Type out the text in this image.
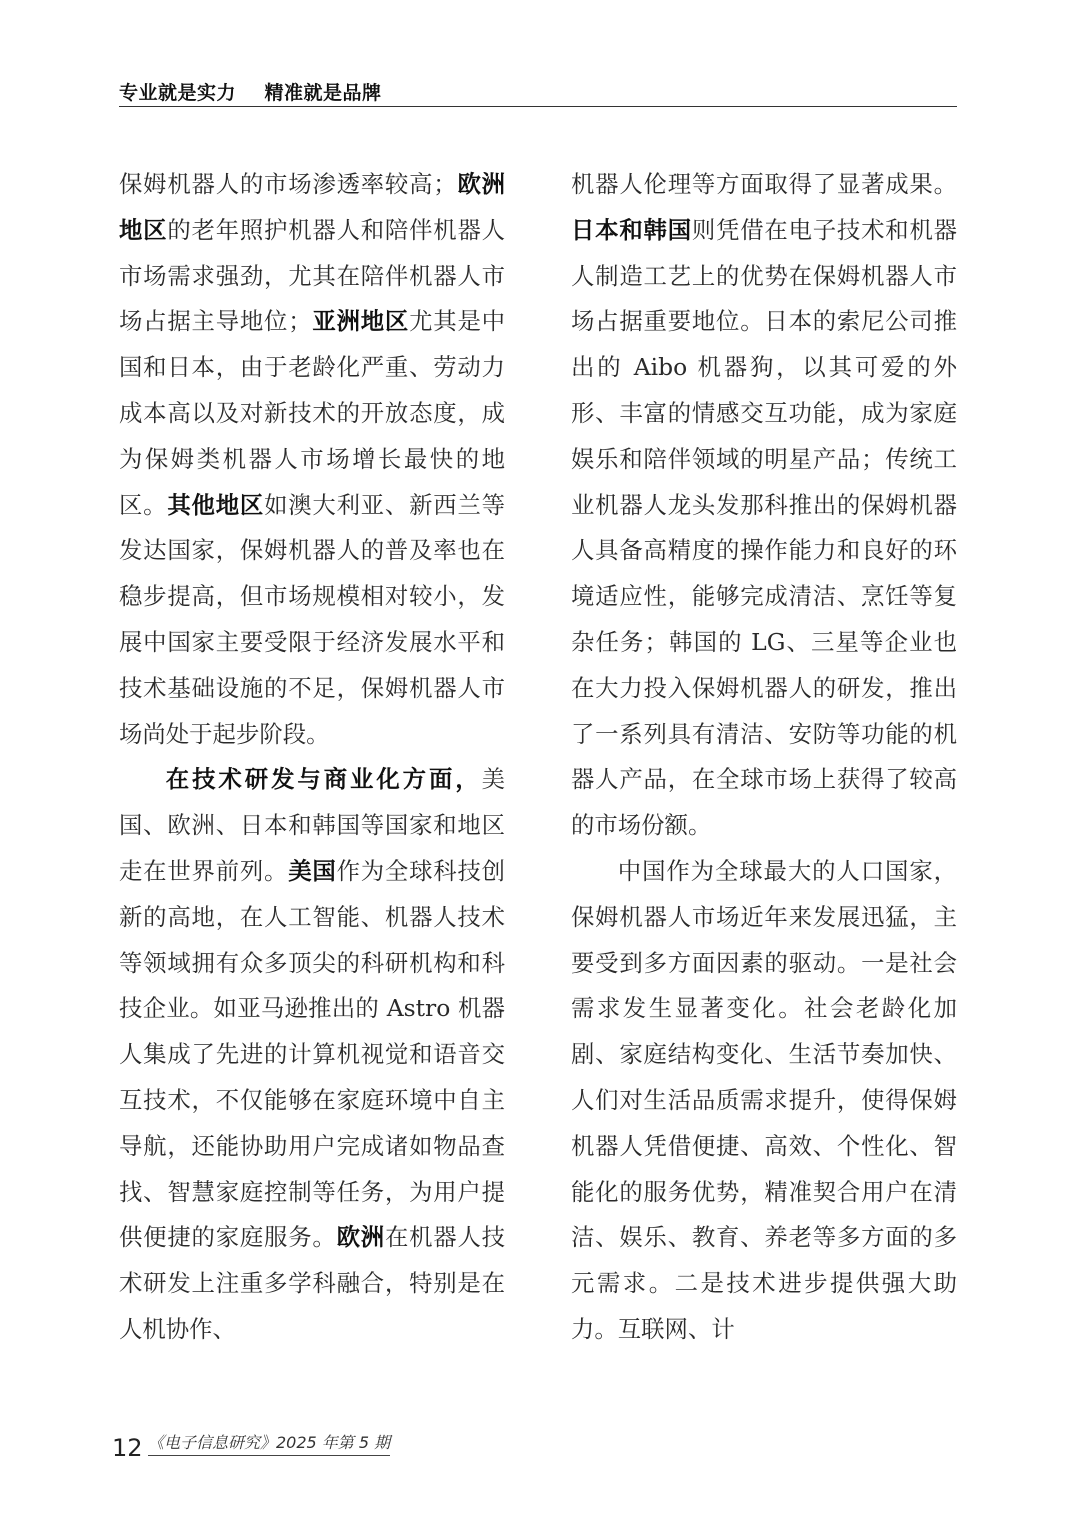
专业就是实力    精准就是品牌

保姆机器人的市场渗透率较高；欧洲地区的老年照护机器人和陪伴机器人市场需求强劲，尤其在陪伴机器人市场占据主导地位；亚洲地区尤其是中国和日本，由于老龄化严重、劳动力成本高以及对新技术的开放态度，成为保姆类机器人市场增长最快的地区。其他地区如澳大利亚、新西兰等发达国家，保姆机器人的普及率也在稳步提高，但市场规模相对较小，发展中国家主要受限于经济发展水平和技术基础设施的不足，保姆机器人市场尚处于起步阶段。

在技术研发与商业化方面，美国、欧洲、日本和韩国等国家和地区走在世界前列。美国作为全球科技创新的高地，在人工智能、机器人技术等领域拥有众多顶尖的科研机构和科技企业。如亚马逊推出的 Astro 机器人集成了先进的计算机视觉和语音交互技术，不仅能够在家庭环境中自主导航，还能协助用户完成诸如物品查找、智慧家庭控制等任务，为用户提供便捷的家庭服务。欧洲在机器人技术研发上注重多学科融合，特别是在人机协作、

机器人伦理等方面取得了显著成果。日本和韩国则凭借在电子技术和机器人制造工艺上的优势在保姆机器人市场占据重要地位。日本的索尼公司推出的 Aibo 机器狗，以其可爱的外形、丰富的情感交互功能，成为家庭娱乐和陪伴领域的明星产品；传统工业机器人龙头发那科推出的保姆机器人具备高精度的操作能力和良好的环境适应性，能够完成清洁、烹饪等复杂任务；韩国的 LG、三星等企业也在大力投入保姆机器人的研发，推出了一系列具有清洁、安防等功能的机器人产品，在全球市场上获得了较高的市场份额。

中国作为全球最大的人口国家，保姆机器人市场近年来发展迅猛，主要受到多方面因素的驱动。一是社会需求发生显著变化。社会老龄化加剧、家庭结构变化、生活节奏加快、人们对生活品质需求提升，使得保姆机器人凭借便捷、高效、个性化、智能化的服务优势，精准契合用户在清洁、娱乐、教育、养老等多方面的多元需求。二是技术进步提供强大助力。互联网、计

12 《电子信息研究》2025 年第 5 期
